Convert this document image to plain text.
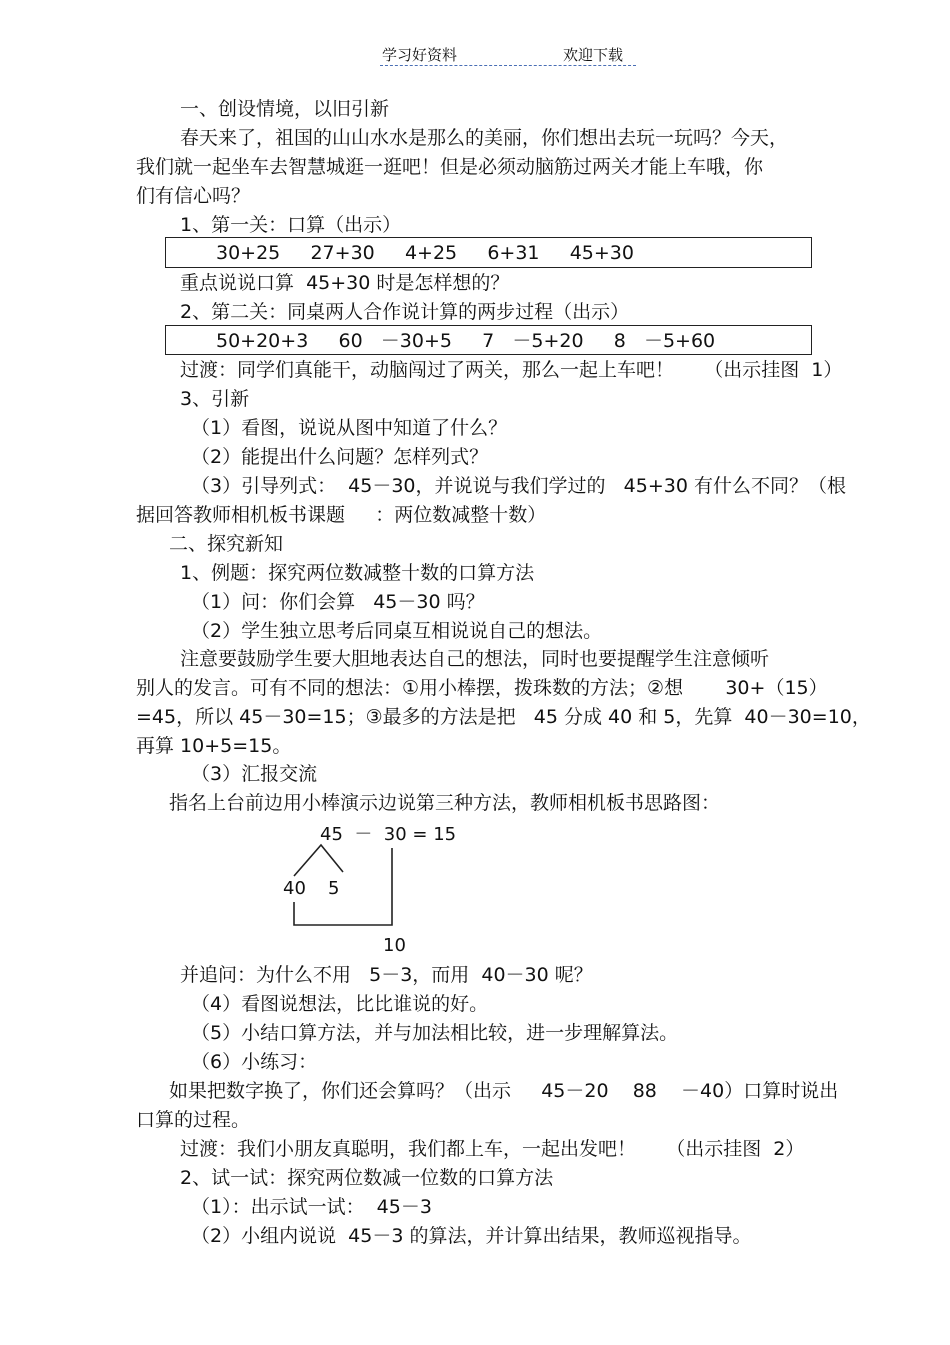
学习好资料	欢迎下载
一、创设情境，以旧引新
春天来了，祖国的山山水水是那么的美丽，你们想出去玩一玩吗？今天，
我们就一起坐车去智慧城逛一逛吧！但是必须动脑筋过两关才能上车哦，你
们有信心吗？
1、第一关：口算（出示）
30+25     27+30     4+25     6+31     45+30
重点说说口算  45+30 时是怎样想的？
2、第二关：同桌两人合作说计算的两步过程（出示）
50+20+3     60   －30+5     7   －5+20     8   －5+60
过渡：同学们真能干，动脑闯过了两关，那么一起上车吧！     （出示挂图  1）
3、引新
（1）看图，说说从图中知道了什么？
（2）能提出什么问题？怎样列式？
（3）引导列式：  45－30，并说说与我们学过的   45+30 有什么不同？（根
据回答教师相机板书课题     ：两位数减整十数）
二、探究新知
1、例题：探究两位数减整十数的口算方法
（1）问：你们会算   45－30 吗？
（2）学生独立思考后同桌互相说说自己的想法。
注意要鼓励学生要大胆地表达自己的想法，同时也要提醒学生注意倾听
别人的发言。可有不同的想法：①用小棒摆，拨珠数的方法；②想       30+（15）
=45，所以 45－30=15；③最多的方法是把   45 分成 40 和 5，先算  40－30=10，
再算 10+5=15。
（3）汇报交流
指名上台前边用小棒演示边说第三种方法，教师相机板书思路图：
45  －  30 = 15
40 5
10
并追问：为什么不用   5－3，而用  40－30 呢？
（4）看图说想法，比比谁说的好。
（5）小结口算方法，并与加法相比较，进一步理解算法。
（6）小练习：
如果把数字换了，你们还会算吗？（出示     45－20    88    －40）口算时说出
口算的过程。
过渡：我们小朋友真聪明，我们都上车，一起出发吧！     （出示挂图  2）
2、试一试：探究两位数减一位数的口算方法
（1）：出示试一试：  45－3
（2）小组内说说  45－3 的算法，并计算出结果，教师巡视指导。
